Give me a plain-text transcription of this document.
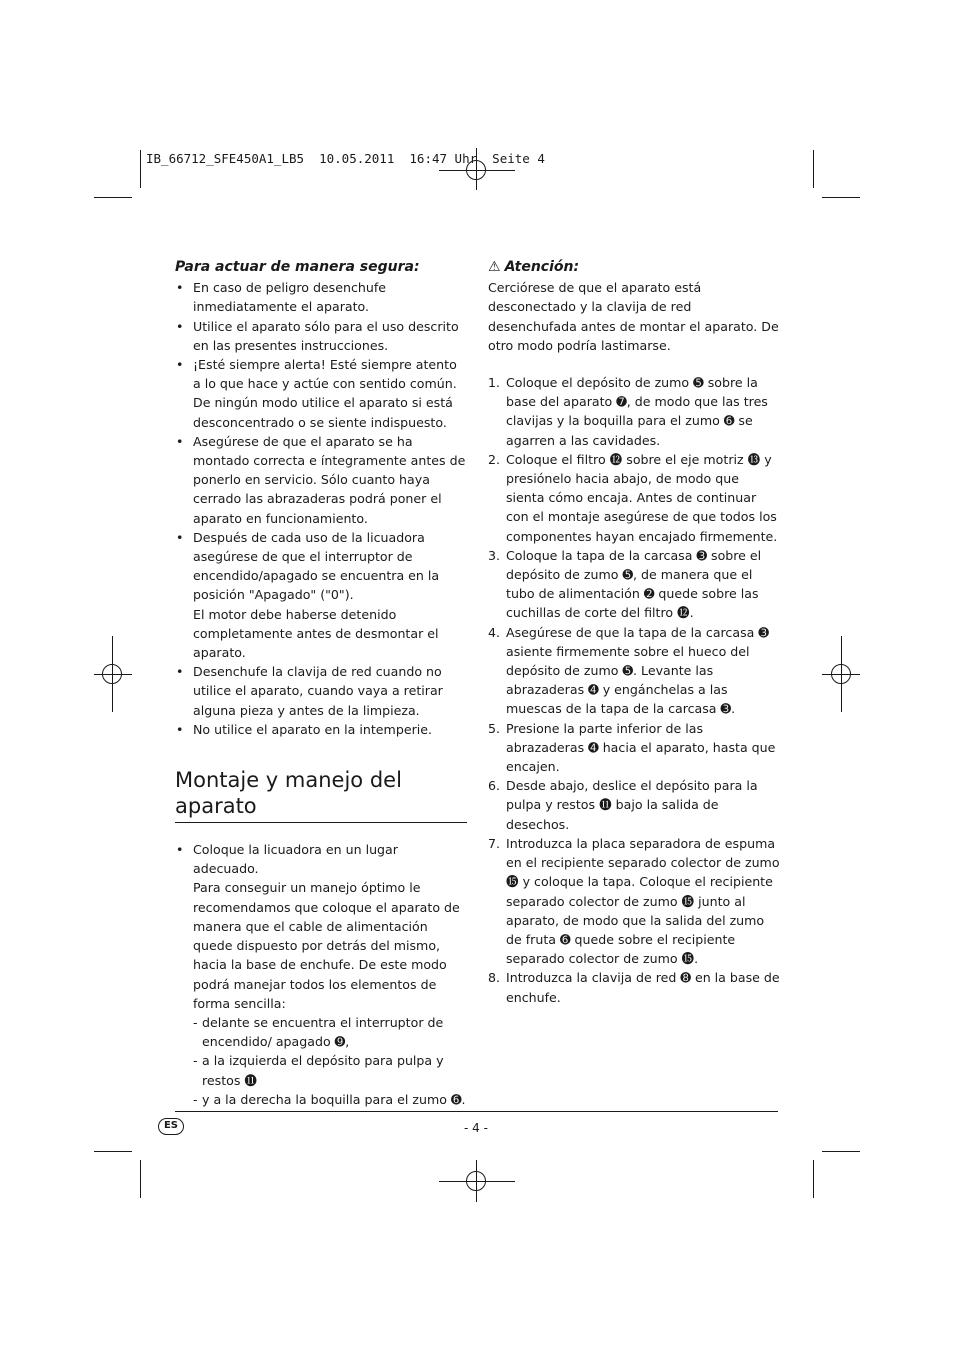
IB_66712_SFE450A1_LB5  10.05.2011  16:47 Uhr  Seite 4
Para actuar de manera segura:
• En caso de peligro desenchufe inmediatamente el aparato.
• Utilice el aparato sólo para el uso descrito en las presentes instrucciones.
• ¡Esté siempre alerta! Esté siempre atento a lo que hace y actúe con sentido común. De ningún modo utilice el aparato si está desconcentrado o se siente indispuesto.
• Asegúrese de que el aparato se ha montado correcta e íntegramente antes de ponerlo en servicio. Sólo cuanto haya cerrado las abrazaderas podrá poner el aparato en funcionamiento.
• Después de cada uso de la licuadora asegúrese de que el interruptor de encendido/apagado se encuentra en la posición "Apagado" ("0").
El motor debe haberse detenido completamente antes de desmontar el aparato.
• Desenchufe la clavija de red cuando no utilice el aparato, cuando vaya a retirar alguna pieza y antes de la limpieza.
• No utilice el aparato en la intemperie.
Montaje y manejo del aparato
• Coloque la licuadora en un lugar adecuado.
Para conseguir un manejo óptimo le recomendamos que coloque el aparato de manera que el cable de alimentación quede dispuesto por detrás del mismo, hacia la base de enchufe. De este modo podrá manejar todos los elementos de forma sencilla:
- delante se encuentra el interruptor de encendido/ apagado ➒,
- a la izquierda el depósito para pulpa y restos ⓫
- y a la derecha la boquilla para el zumo ➏.
⚠ Atención:

Cerciórese de que el aparato está desconectado y la clavija de red desenchufada antes de montar el aparato. De otro modo podría lastimarse.

1. Coloque el depósito de zumo ➎ sobre la base del aparato ➐, de modo que las tres clavijas y la boquilla para el zumo ➏ se agarren a las cavidades.
2. Coloque el filtro ⓬ sobre el eje motriz ⓭ y presiónelo hacia abajo, de modo que sienta cómo encaja. Antes de continuar con el montaje asegúrese de que todos los componentes hayan encajado firmemente.
3. Coloque la tapa de la carcasa ➌ sobre el depósito de zumo ➎, de manera que el tubo de alimentación ➋ quede sobre las cuchillas de corte del filtro ⓬.
4. Asegúrese de que la tapa de la carcasa ➌ asiente firmemente sobre el hueco del depósito de zumo ➎. Levante las abrazaderas ➍ y engánchelas a las muescas de la tapa de la carcasa ➌.
5. Presione la parte inferior de las abrazaderas ➍ hacia el aparato, hasta que encajen.
6. Desde abajo, deslice el depósito para la pulpa y restos ⓫ bajo la salida de desechos.
7. Introduzca la placa separadora de espuma en el recipiente separado colector de zumo ⓯ y coloque la tapa. Coloque el recipiente separado colector de zumo ⓯ junto al aparato, de modo que la salida del zumo de fruta ➏ quede sobre el recipiente separado colector de zumo ⓯.
8. Introduzca la clavija de red ➑ en la base de enchufe.
ES	- 4 -
